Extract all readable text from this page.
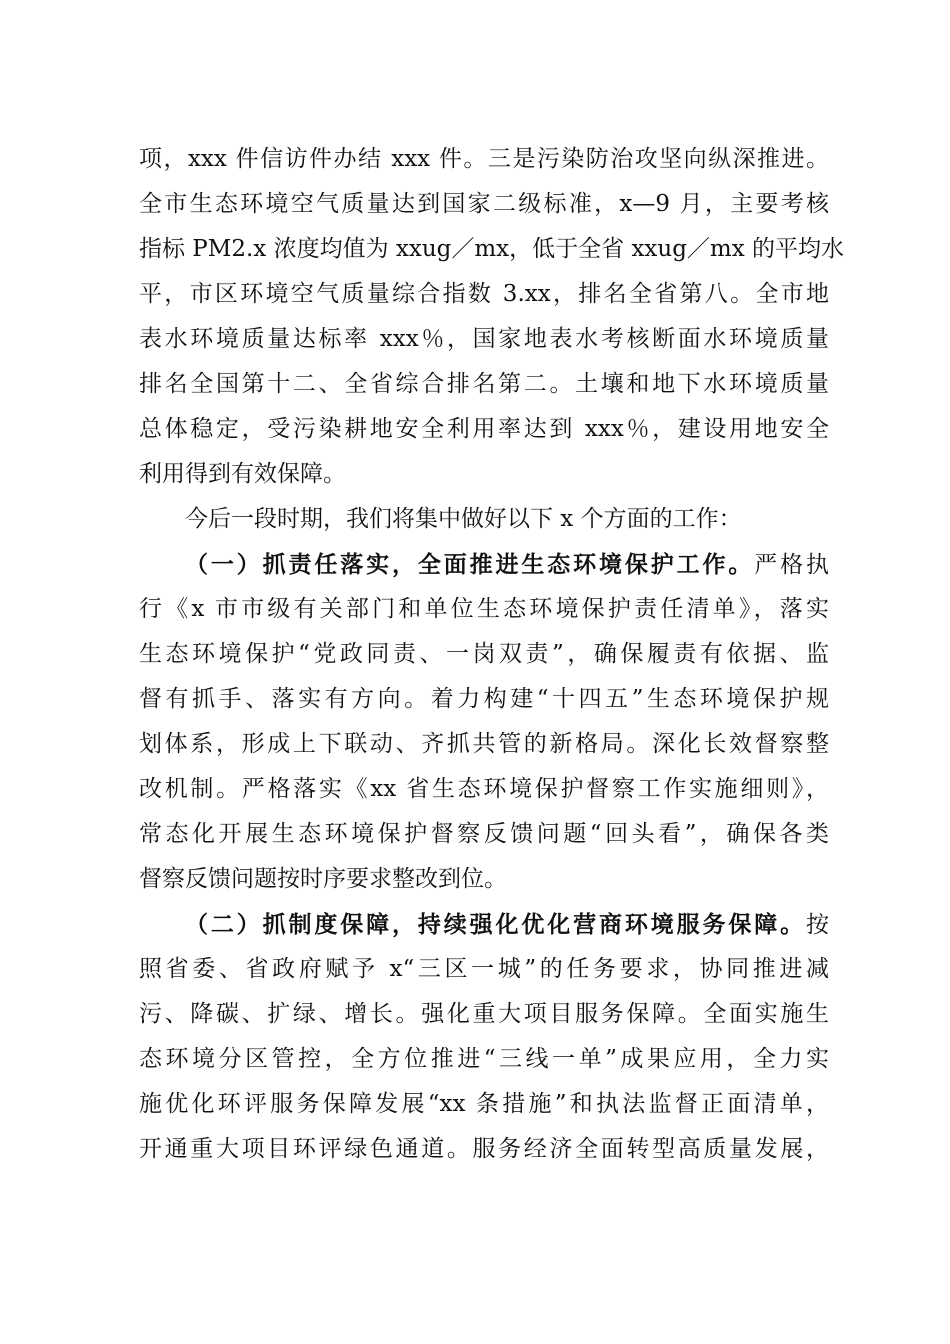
项，xxx 件信访件办结 xxx 件。三是污染防治攻坚向纵深推进。
全市生态环境空气质量达到国家二级标准，x—9 月，主要考核
指标 PM2.x 浓度均值为 xxug／mx，低于全省 xxug／mx 的平均水
平，市区环境空气质量综合指数 3.xx，排名全省第八。全市地
表水环境质量达标率 xxx％，国家地表水考核断面水环境质量
排名全国第十二、全省综合排名第二。土壤和地下水环境质量
总体稳定，受污染耕地安全利用率达到 xxx％，建设用地安全
利用得到有效保障。
今后一段时期，我们将集中做好以下 x 个方面的工作：
（一）抓责任落实，全面推进生态环境保护工作。严格执
行《x 市市级有关部门和单位生态环境保护责任清单》，落实
生态环境保护“党政同责、一岗双责”，确保履责有依据、监
督有抓手、落实有方向。着力构建“十四五”生态环境保护规
划体系，形成上下联动、齐抓共管的新格局。深化长效督察整
改机制。严格落实《xx 省生态环境保护督察工作实施细则》，
常态化开展生态环境保护督察反馈问题“回头看”，确保各类
督察反馈问题按时序要求整改到位。
（二）抓制度保障，持续强化优化营商环境服务保障。按
照省委、省政府赋予 x“三区一城”的任务要求，协同推进减
污、降碳、扩绿、增长。强化重大项目服务保障。全面实施生
态环境分区管控，全方位推进“三线一单”成果应用，全力实
施优化环评服务保障发展“xx 条措施”和执法监督正面清单，
开通重大项目环评绿色通道。服务经济全面转型高质量发展，
